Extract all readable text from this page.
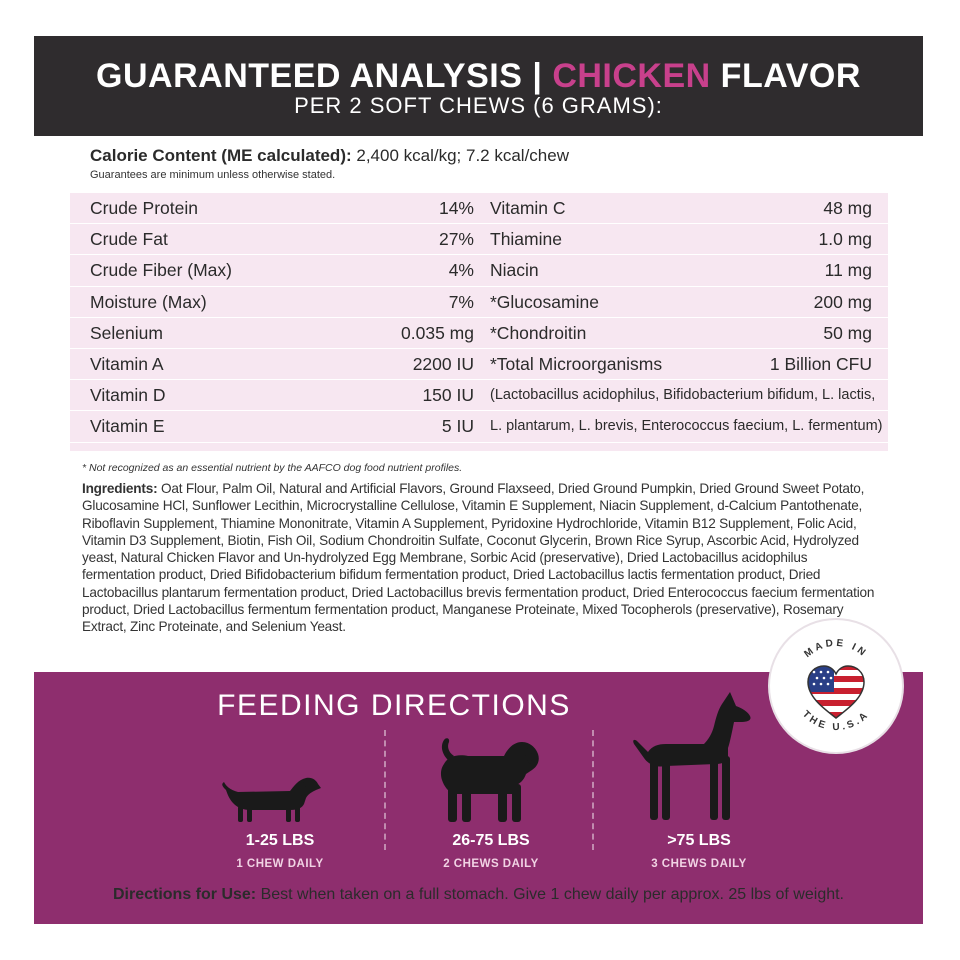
GUARANTEED ANALYSIS | CHICKEN FLAVOR
PER 2 SOFT CHEWS (6 GRAMS):
Calorie Content (ME calculated): 2,400 kcal/kg; 7.2 kcal/chew
Guarantees are minimum unless otherwise stated.
Crude Protein	14%
Crude Fat	27%
Crude Fiber (Max)	4%
Moisture (Max)	7%
Selenium	0.035 mg
Vitamin A	2200 IU
Vitamin D	150 IU
Vitamin E	5 IU
Vitamin C	48 mg
Thiamine	1.0 mg
Niacin	11 mg
*Glucosamine	200 mg
*Chondroitin	50 mg
*Total Microorganisms	1 Billion CFU
(Lactobacillus acidophilus, Bifidobacterium bifidum, L. lactis,
L. plantarum, L. brevis, Enterococcus faecium, L. fermentum)
* Not recognized as an essential nutrient by the AAFCO dog food nutrient profiles.
Ingredients: Oat Flour, Palm Oil, Natural and Artificial Flavors, Ground Flaxseed, Dried Ground Pumpkin, Dried Ground Sweet Potato, Glucosamine HCl, Sunflower Lecithin, Microcrystalline Cellulose, Vitamin E Supplement, Niacin Supplement, d-Calcium Pantothenate, Riboflavin Supplement, Thiamine Mononitrate, Vitamin A Supplement, Pyridoxine Hydrochloride, Vitamin B12 Supplement, Folic Acid, Vitamin D3 Supplement, Biotin, Fish Oil, Sodium Chondroitin Sulfate, Coconut Glycerin, Brown Rice Syrup, Ascorbic Acid, Hydrolyzed yeast, Natural Chicken Flavor and Un-hydrolyzed Egg Membrane, Sorbic Acid (preservative), Dried Lactobacillus acidophilus fermentation product, Dried Bifidobacterium bifidum fermentation product, Dried Lactobacillus lactis fermentation product, Dried Lactobacillus plantarum fermentation product, Dried Lactobacillus brevis fermentation product, Dried Enterococcus faecium fermentation product, Dried Lactobacillus fermentum fermentation product, Manganese Proteinate, Mixed Tocopherols (preservative), Rosemary Extract, Zinc Proteinate, and Selenium Yeast.
FEEDING DIRECTIONS
1-25 LBS
1 CHEW DAILY
26-75 LBS
2 CHEWS DAILY
>75 LBS
3 CHEWS DAILY
Directions for Use: Best when taken on a full stomach. Give 1 chew daily per approx. 25 lbs of weight.
MADE IN
THE U.S.A
